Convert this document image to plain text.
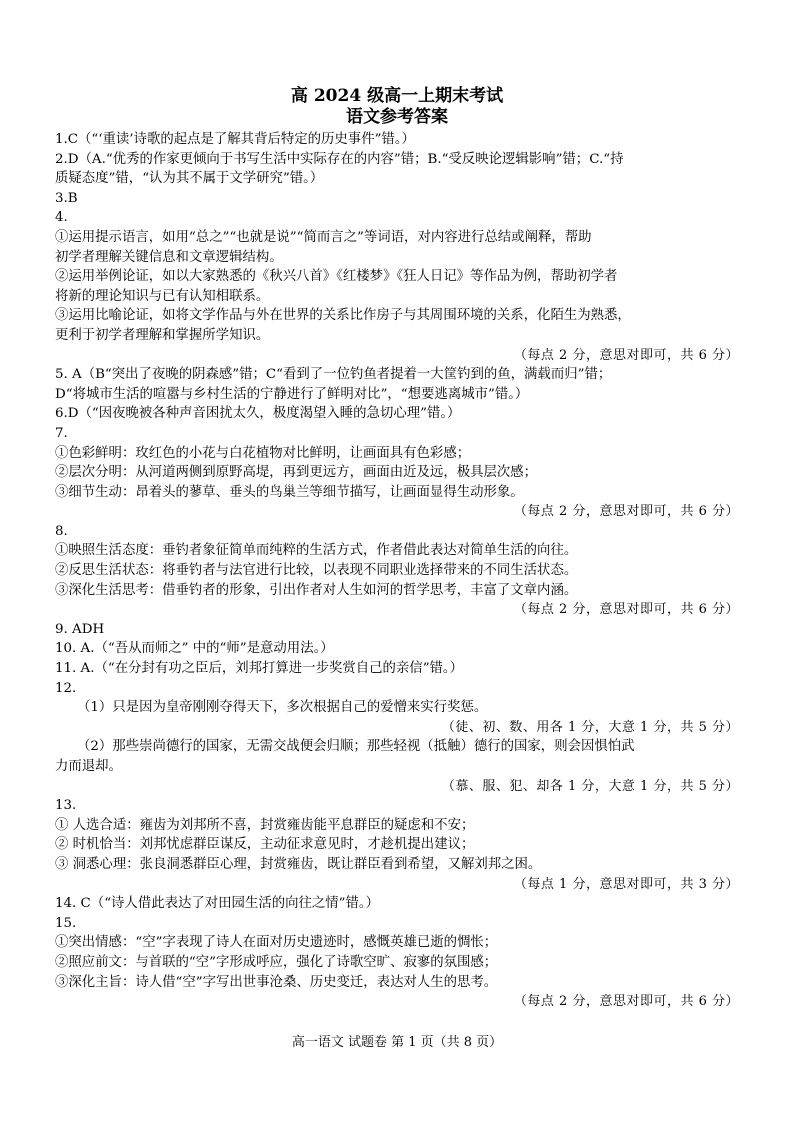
高 2024 级高一上期末考试
语文参考答案
1.C（“‘重读’诗歌的起点是了解其背后特定的历史事件”错。）
2.D（A.“优秀的作家更倾向于书写生活中实际存在的内容”错；B.“受反映论逻辑影响”错；C.“持
质疑态度”错，“认为其不属于文学研究”错。）
3.B
4.
①运用提示语言，如用“总之”“也就是说”“简而言之”等词语，对内容进行总结或阐释，帮助
初学者理解关键信息和文章逻辑结构。
②运用举例论证，如以大家熟悉的《秋兴八首》《红楼梦》《狂人日记》等作品为例，帮助初学者
将新的理论知识与已有认知相联系。
③运用比喻论证，如将文学作品与外在世界的关系比作房子与其周围环境的关系，化陌生为熟悉，
更利于初学者理解和掌握所学知识。
（每点 2 分，意思对即可，共 6 分）
5. A（B“突出了夜晚的阴森感”错；C“看到了一位钓鱼者提着一大筐钓到的鱼，满载而归”错；
D“将城市生活的喧嚣与乡村生活的宁静进行了鲜明对比”，“想要逃离城市”错。）
6.D（“因夜晚被各种声音困扰太久，极度渴望入睡的急切心理”错。）
7.
①色彩鲜明：玫红色的小花与白花植物对比鲜明，让画面具有色彩感；
②层次分明：从河道两侧到原野高堤，再到更远方，画面由近及远，极具层次感；
③细节生动：昂着头的蓼草、垂头的鸟巢兰等细节描写，让画面显得生动形象。
（每点 2 分，意思对即可，共 6 分）
8.
①映照生活态度：垂钓者象征简单而纯粹的生活方式，作者借此表达对简单生活的向往。
②反思生活状态：将垂钓者与法官进行比较，以表现不同职业选择带来的不同生活状态。
③深化生活思考：借垂钓者的形象，引出作者对人生如河的哲学思考，丰富了文章内涵。
（每点 2 分，意思对即可，共 6 分）
9. ADH
10. A.（“吾从而师之” 中的“师”是意动用法。）
11. A.（“在分封有功之臣后，刘邦打算进一步奖赏自己的亲信”错。）
12.
（1）只是因为皇帝刚刚夺得天下，多次根据自己的爱憎来实行奖惩。
（徒、初、数、用各 1 分，大意 1 分，共 5 分）
（2）那些崇尚德行的国家，无需交战便会归顺；那些轻视（抵触）德行的国家，则会因惧怕武
力而退却。
（慕、服、犯、却各 1 分，大意 1 分，共 5 分）
13.
① 人选合适：雍齿为刘邦所不喜，封赏雍齿能平息群臣的疑虑和不安；
② 时机恰当：刘邦忧虑群臣谋反，主动征求意见时，才趁机提出建议；
③ 洞悉心理：张良洞悉群臣心理，封赏雍齿，既让群臣看到希望，又解刘邦之困。
（每点 1 分，意思对即可，共 3 分）
14. C（“诗人借此表达了对田园生活的向往之情”错。）
15.
①突出情感：“空”字表现了诗人在面对历史遗迹时，感慨英雄已逝的惆怅；
②照应前文：与首联的“空”字形成呼应，强化了诗歌空旷、寂寥的氛围感；
③深化主旨：诗人借“空”字写出世事沧桑、历史变迁，表达对人生的思考。
（每点 2 分，意思对即可，共 6 分）
高一语文 试题卷 第 1 页（共 8 页）
